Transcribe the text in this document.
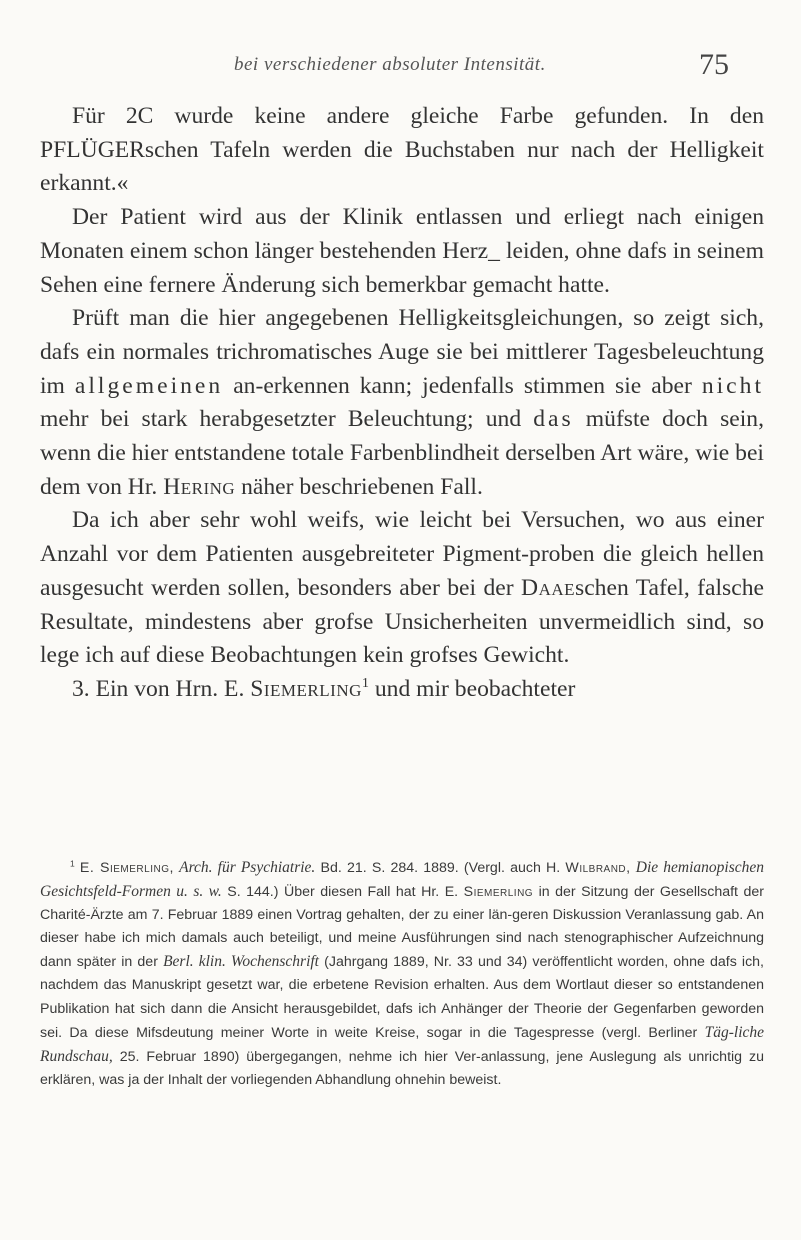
bei verschiedener absoluter Intensität.	75

Für 2C wurde keine andere gleiche Farbe gefunden. In den PFLÜGERschen Tafeln werden die Buchstaben nur nach der Helligkeit erkannt.«

Der Patient wird aus der Klinik entlassen und erliegt nach einigen Monaten einem schon länger bestehenden Herz_ leiden, ohne dafs in seinem Sehen eine fernere Änderung sich bemerkbar gemacht hatte.

Prüft man die hier angegebenen Helligkeitsgleichungen, so zeigt sich, dafs ein normales trichromatisches Auge sie bei mittlerer Tagesbeleuchtung im allgemeinen an-erkennen kann; jedenfalls stimmen sie aber nicht mehr bei stark herabgesetzter Beleuchtung; und das müfste doch sein, wenn die hier entstandene totale Farbenblindheit derselben Art wäre, wie bei dem von Hr. Hering näher beschriebenen Fall.

Da ich aber sehr wohl weifs, wie leicht bei Versuchen, wo aus einer Anzahl vor dem Patienten ausgebreiteter Pigment-proben die gleich hellen ausgesucht werden sollen, besonders aber bei der Daaeschen Tafel, falsche Resultate, mindestens aber grofse Unsicherheiten unvermeidlich sind, so lege ich auf diese Beobachtungen kein grofses Gewicht.

3. Ein von Hrn. E. Siemerling$^1$ und mir beobachteter

$^1$ E. Siemerling, Arch. für Psychiatrie. Bd. 21. S. 284. 1889. (Vergl. auch H. Wilbrand, Die hemianopischen Gesichtsfeld-Formen u. s. w. S. 144.) Über diesen Fall hat Hr. E. Siemerling in der Sitzung der Gesellschaft der Charité-Ärzte am 7. Februar 1889 einen Vortrag gehalten, der zu einer län-geren Diskussion Veranlassung gab. An dieser habe ich mich damals auch beteiligt, und meine Ausführungen sind nach stenographischer Aufzeichnung dann später in der Berl. klin. Wochenschrift (Jahrgang 1889, Nr. 33 und 34) veröffentlicht worden, ohne dafs ich, nachdem das Manuskript gesetzt war, die erbetene Revision erhalten. Aus dem Wortlaut dieser so entstandenen Publikation hat sich dann die Ansicht herausgebildet, dafs ich Anhänger der Theorie der Gegenfarben geworden sei. Da diese Mifsdeutung meiner Worte in weite Kreise, sogar in die Tagespresse (vergl. Berliner Täg-liche Rundschau, 25. Februar 1890) übergegangen, nehme ich hier Ver-anlassung, jene Auslegung als unrichtig zu erklären, was ja der Inhalt der vorliegenden Abhandlung ohnehin beweist.
